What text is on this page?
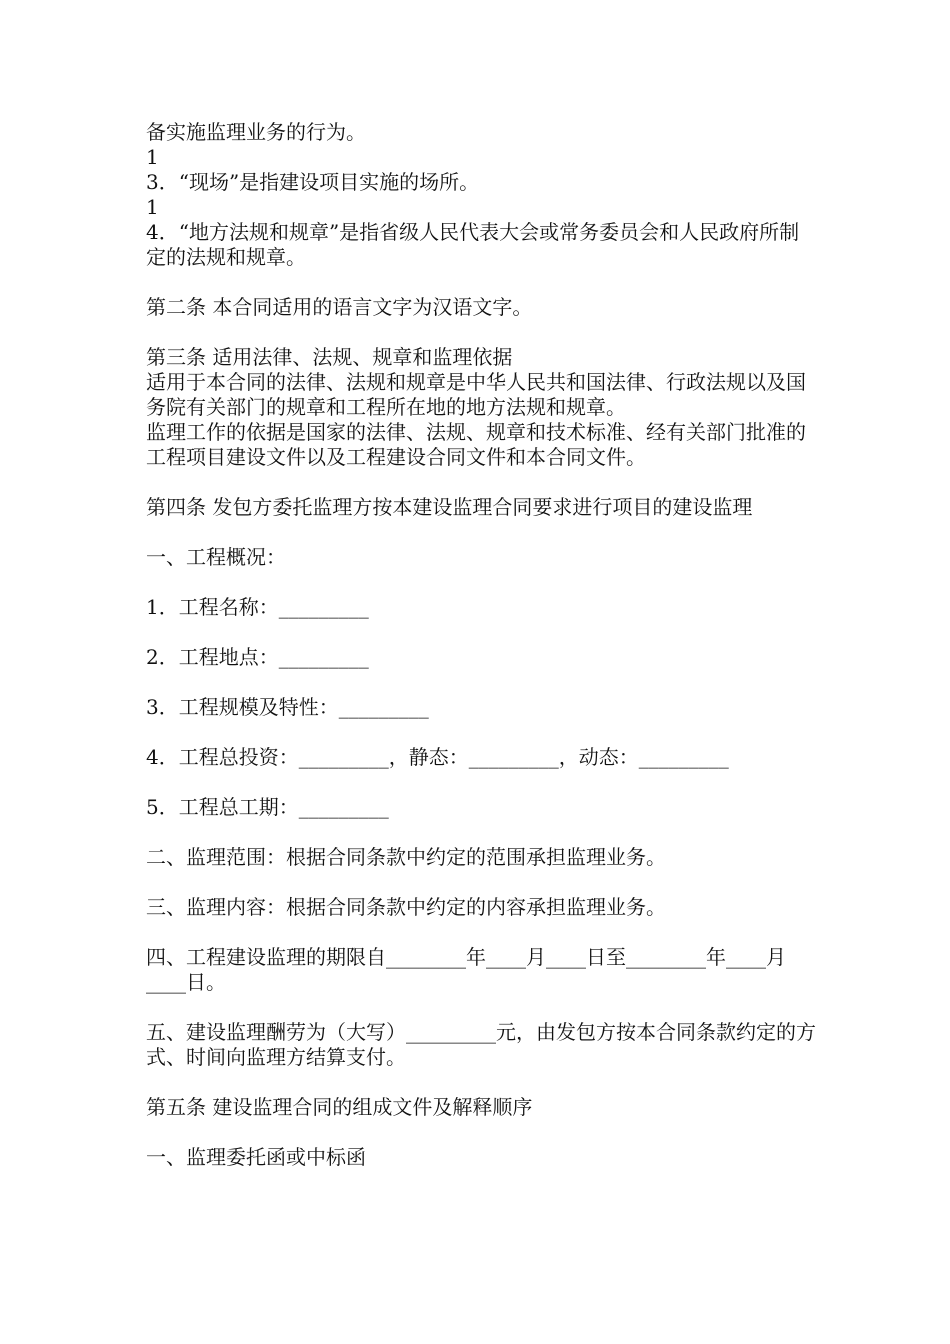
备实施监理业务的行为。

1

3．“现场”是指建设项目实施的场所。

1

4．“地方法规和规章”是指省级人民代表大会或常务委员会和人民政府所制定的法规和规章。

第二条 本合同适用的语言文字为汉语文字。

第三条 适用法律、法规、规章和监理依据

适用于本合同的法律、法规和规章是中华人民共和国法律、行政法规以及国务院有关部门的规章和工程所在地的地方法规和规章。

监理工作的依据是国家的法律、法规、规章和技术标准、经有关部门批准的工程项目建设文件以及工程建设合同文件和本合同文件。

第四条 发包方委托监理方按本建设监理合同要求进行项目的建设监理

一、工程概况：

1．工程名称：_________

2．工程地点：_________

3．工程规模及特性：_________

4．工程总投资：_________，静态：_________，动态：_________

5．工程总工期：_________

二、监理范围：根据合同条款中约定的范围承担监理业务。

三、监理内容：根据合同条款中约定的内容承担监理业务。

四、工程建设监理的期限自________年____月____日至________年____月____日。

五、建设监理酬劳为（大写）_________元，由发包方按本合同条款约定的方式、时间向监理方结算支付。

第五条 建设监理合同的组成文件及解释顺序

一、监理委托函或中标函
